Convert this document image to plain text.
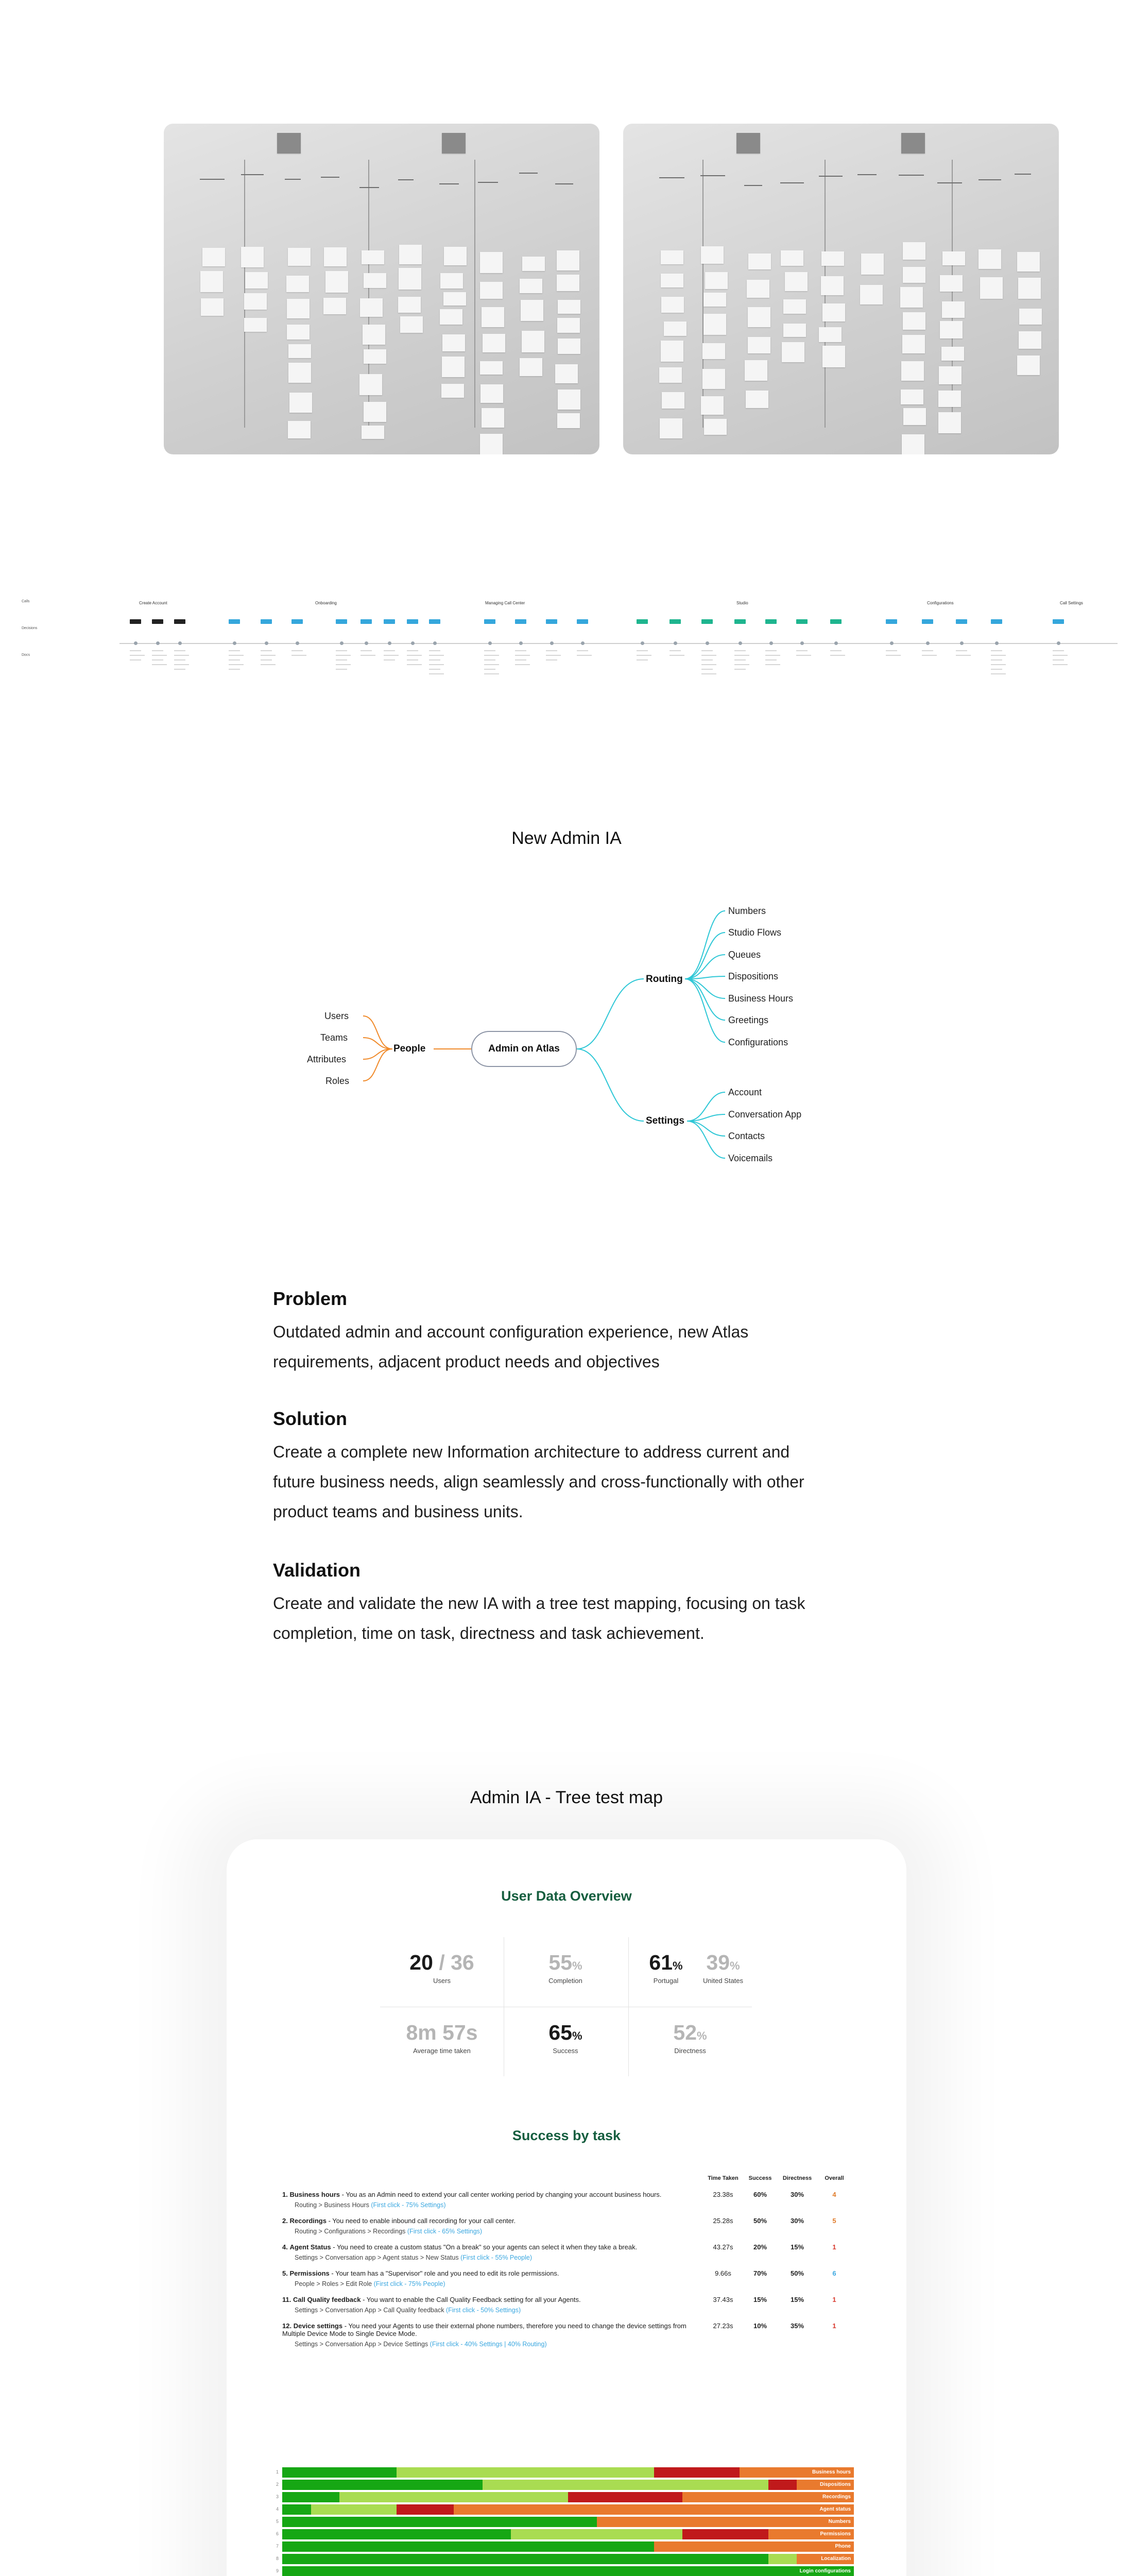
Create Account	Onboarding	Managing Call Center	Studio	Configurations	Call Settings
Calls
Decisions
Docs
New Admin IA
Admin on Atlas
People
Routing
Settings
Users
Teams
Attributes
Roles
Numbers
Studio Flows
Queues
Dispositions
Business Hours
Greetings
Configurations
Account
Conversation App
Contacts
Voicemails
Problem
Outdated admin and account configuration experience, new Atlas
requirements, adjacent product needs and objectives
Solution
Create a complete new Information architecture to address current and
future business needs, align seamlessly and cross-functionally with other
product teams and business units.
Validation
Create and validate the new IA with a tree test mapping, focusing on task
completion, time on task, directness and task achievement.
Admin IA - Tree test map
User Data Overview
20 / 36
Users
55%
Completion
61%
Portugal
39%
United States
8m 57s
Average time taken
65%
Success
52%
Directness
Success by task
	Time Taken	Success	Directness	Overall

1. Business hours - You as an Admin need to extend your call center working period by changing your account business hours.
Routing > Business Hours (First click - 75% Settings)	23.38s	60%	30%	4

2. Recordings - You need to enable inbound call recording for your call center.
Routing > Configurations > Recordings (First click - 65% Settings)	25.28s	50%	30%	5

4. Agent Status - You need to create a custom status "On a break" so your agents can select it when they take a break.
Settings > Conversation app > Agent status > New Status (First click - 55% People)	43.27s	20%	15%	1

5. Permissions - Your team has a "Supervisor" role and you need to edit its role permissions.
People > Roles > Edit Role (First click - 75% People)	9.66s	70%	50%	6

11. Call Quality feedback - You want to enable the Call Quality Feedback setting for all your Agents.
Settings > Conversation App > Call Quality feedback (First click - 50% Settings)	37.43s	15%	15%	1

12. Device settings - You need your Agents to use their external phone numbers, therefore you need to change the device settings from Multiple Device Mode to Single Device Mode.
Settings > Conversation App > Device Settings (First click - 40% Settings | 40% Routing)	27.23s	10%	35%	1
1	Business hours
2	Dispositions
3	Recordings
4	Agent status
5	Numbers
6	Permissions
7	Phone
8	Localization
9	Login configurations
